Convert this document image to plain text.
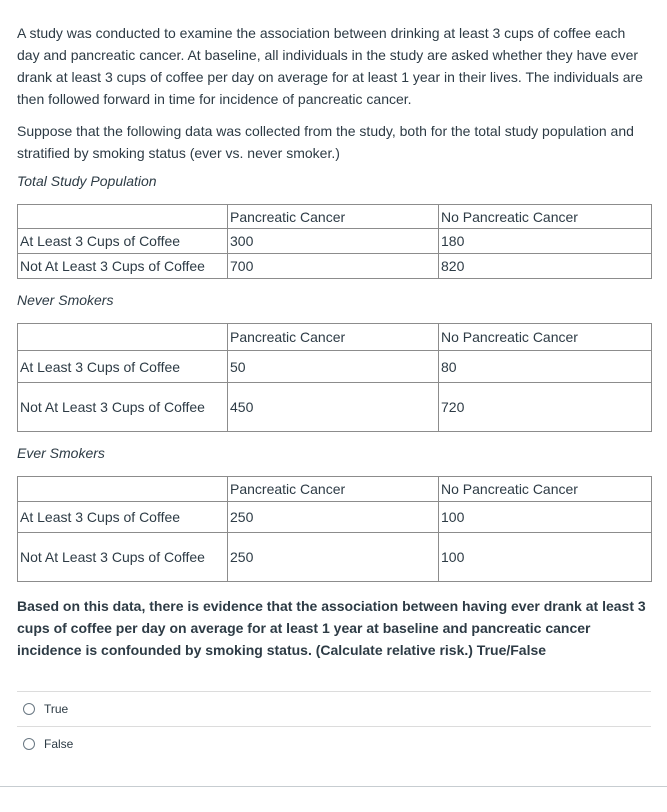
A study was conducted to examine the association between drinking at least 3 cups of coffee each day and pancreatic cancer. At baseline, all individuals in the study are asked whether they have ever drank at least 3 cups of coffee per day on average for at least 1 year in their lives. The individuals are then followed forward in time for incidence of pancreatic cancer.

Suppose that the following data was collected from the study, both for the total study population and stratified by smoking status (ever vs. never smoker.)

Total Study Population
	Pancreatic Cancer	No Pancreatic Cancer
At Least 3 Cups of Coffee	300	180
Not At Least 3 Cups of Coffee	700	820
Never Smokers
	Pancreatic Cancer	No Pancreatic Cancer
At Least 3 Cups of Coffee	50	80
Not At Least 3 Cups of Coffee	450	720
Ever Smokers
	Pancreatic Cancer	No Pancreatic Cancer
At Least 3 Cups of Coffee	250	100
Not At Least 3 Cups of Coffee	250	100

Based on this data, there is evidence that the association between having ever drank at least 3 cups of coffee per day on average for at least 1 year at baseline and pancreatic cancer incidence is confounded by smoking status. (Calculate relative risk.) True/False

True
False
